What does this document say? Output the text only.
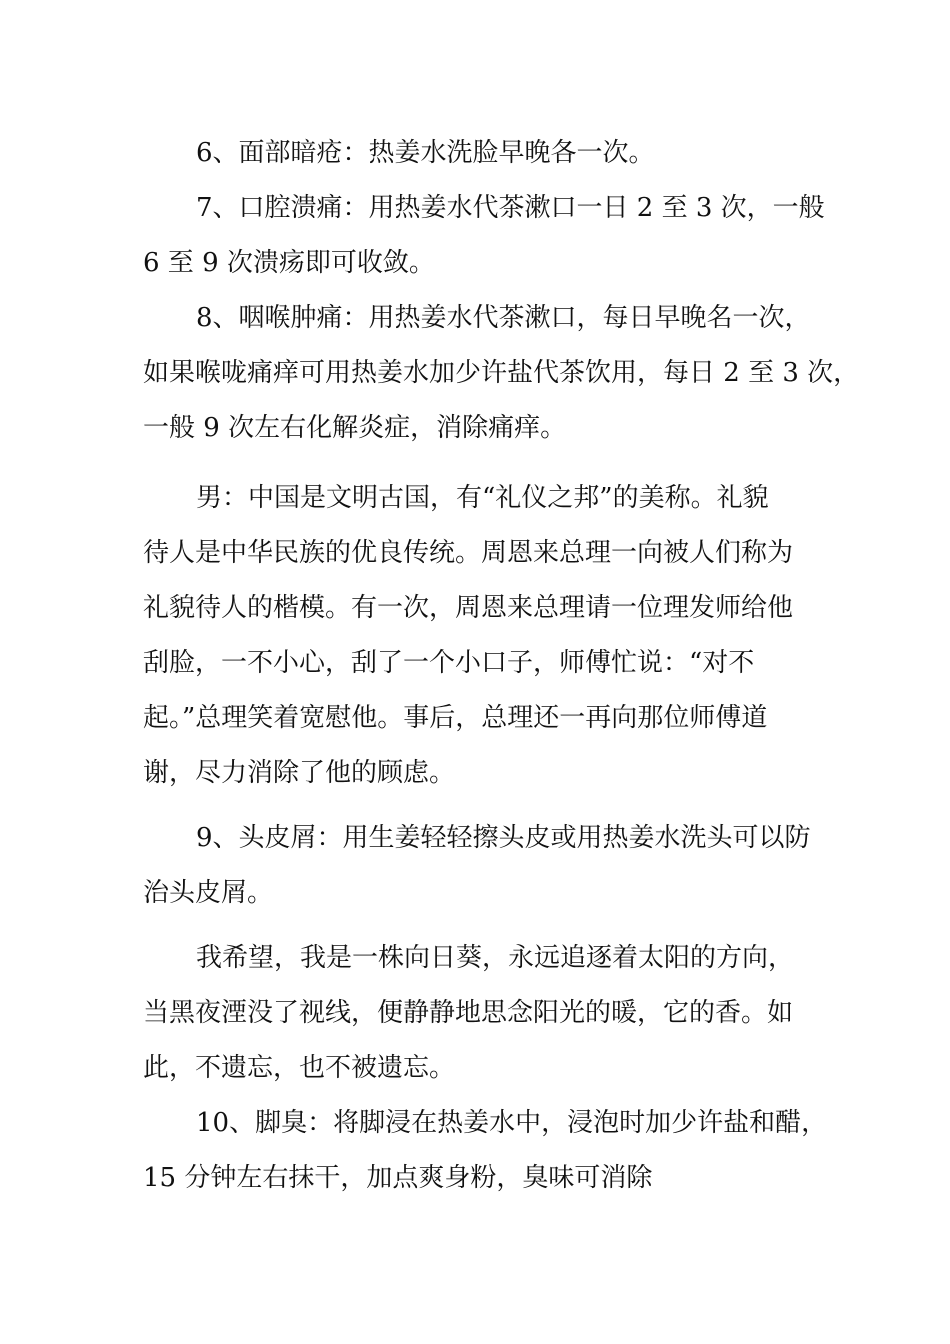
6、面部暗疮：热姜水洗脸早晚各一次。
7、口腔溃痛：用热姜水代茶漱口一日 2 至 3 次，一般
6 至 9 次溃疡即可收敛。
8、咽喉肿痛：用热姜水代茶漱口，每日早晚名一次，
如果喉咙痛痒可用热姜水加少许盐代茶饮用，每日 2 至 3 次，
一般 9 次左右化解炎症，消除痛痒。
男：中国是文明古国，有“礼仪之邦”的美称。礼貌
待人是中华民族的优良传统。周恩来总理一向被人们称为
礼貌待人的楷模。有一次，周恩来总理请一位理发师给他
刮脸，一不小心，刮了一个小口子，师傅忙说：“对不
起。”总理笑着宽慰他。事后，总理还一再向那位师傅道
谢，尽力消除了他的顾虑。
9、头皮屑：用生姜轻轻擦头皮或用热姜水洗头可以防
治头皮屑。
我希望，我是一株向日葵，永远追逐着太阳的方向，
当黑夜湮没了视线，便静静地思念阳光的暖，它的香。如
此，不遗忘，也不被遗忘。
10、脚臭：将脚浸在热姜水中，浸泡时加少许盐和醋，
15 分钟左右抹干，加点爽身粉，臭味可消除
